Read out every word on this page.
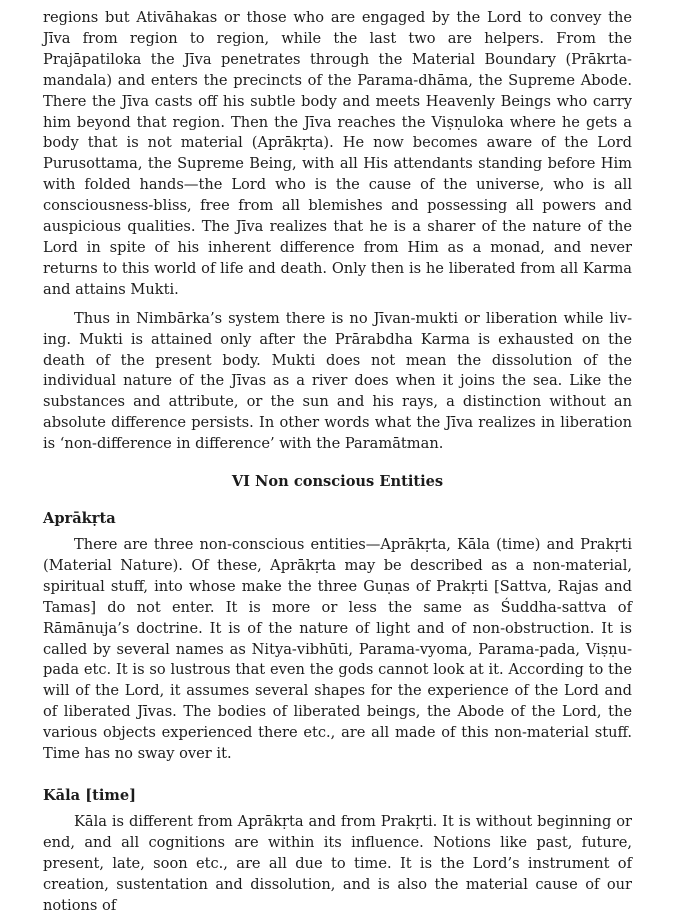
regions but Ativāhakas or those who are engaged by the Lord to convey the Jīva from region to region, while the last two are helpers. From the Prajāpatiloka the Jīva penetrates through the Material Boundary (Prākrta-mandala) and enters the precincts of the Parama-dhāma, the Supreme Abode. There the Jīva casts off his subtle body and meets Heavenly Beings who carry him beyond that region. Then the Jīva reaches the Viṣṇuloka where he gets a body that is not material (Aprākṛta). He now becomes aware of the Lord Purusottama, the Supreme Being, with all His attendants standing before Him with folded hands—the Lord who is the cause of the universe, who is all consciousness-bliss, free from all blemishes and possessing all powers and auspicious qualities. The Jīva realizes that he is a sharer of the nature of the Lord in spite of his inherent difference from Him as a monad, and never returns to this world of life and death. Only then is he liberated from all Karma and attains Mukti.

Thus in Nimbārka’s system there is no Jīvan-mukti or liberation while living. Mukti is attained only after the Prārabdha Karma is exhausted on the death of the present body. Mukti does not mean the dissolution of the individual nature of the Jīvas as a river does when it joins the sea. Like the substances and attribute, or the sun and his rays, a distinction without an absolute difference persists. In other words what the Jīva realizes in liberation is ‘non-difference in difference’ with the Paramātman.

VI Non conscious Entities
Aprākṛta

There are three non-conscious entities—Aprākṛta, Kāla (time) and Prakṛti (Material Nature). Of these, Aprākṛta may be described as a non-material, spiritual stuff, into whose make the three Guṇas of Prakṛti [Sattva, Rajas and Tamas] do not enter. It is more or less the same as Śuddha-sattva of Rāmānuja’s doctrine. It is of the nature of light and of non-obstruction. It is called by several names as Nitya-vibhūti, Parama-vyoma, Parama-pada, Viṣṇu-pada etc. It is so lustrous that even the gods cannot look at it. According to the will of the Lord, it assumes several shapes for the experience of the Lord and of liberated Jīvas. The bodies of liberated beings, the Abode of the Lord, the various objects experienced there etc., are all made of this non-material stuff. Time has no sway over it.

Kāla [time]

Kāla is different from Aprākṛta and from Prakṛti. It is without beginning or end, and all cognitions are within its influence. Notions like past, future, present, late, soon etc., are all due to time. It is the Lord’s instrument of creation, sustentation and dissolution, and is also the material cause of our notions of
